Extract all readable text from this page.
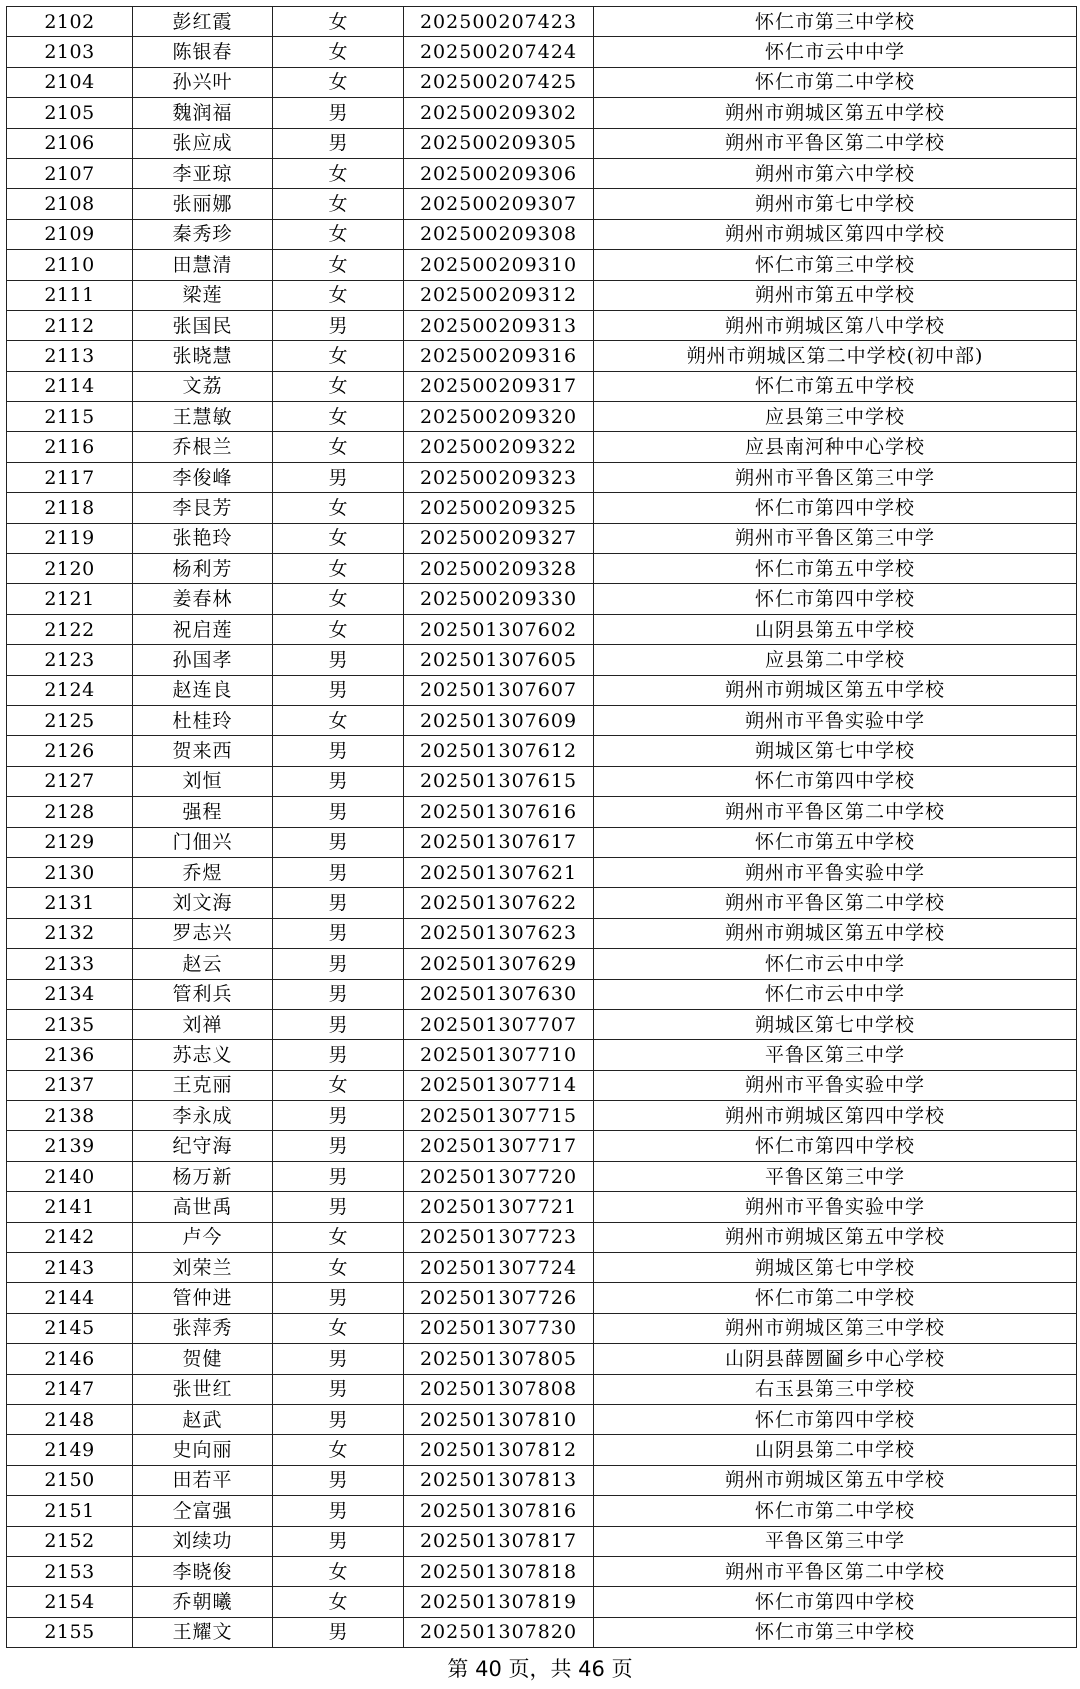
2102	彭红霞	女	202500207423	怀仁市第三中学校
2103	陈银春	女	202500207424	怀仁市云中中学
2104	孙兴叶	女	202500207425	怀仁市第二中学校
2105	魏润福	男	202500209302	朔州市朔城区第五中学校
2106	张应成	男	202500209305	朔州市平鲁区第二中学校
2107	李亚琼	女	202500209306	朔州市第六中学校
2108	张丽娜	女	202500209307	朔州市第七中学校
2109	秦秀珍	女	202500209308	朔州市朔城区第四中学校
2110	田慧清	女	202500209310	怀仁市第三中学校
2111	梁莲	女	202500209312	朔州市第五中学校
2112	张国民	男	202500209313	朔州市朔城区第八中学校
2113	张晓慧	女	202500209316	朔州市朔城区第二中学校(初中部)
2114	文荔	女	202500209317	怀仁市第五中学校
2115	王慧敏	女	202500209320	应县第三中学校
2116	乔根兰	女	202500209322	应县南河种中心学校
2117	李俊峰	男	202500209323	朔州市平鲁区第三中学
2118	李艮芳	女	202500209325	怀仁市第四中学校
2119	张艳玲	女	202500209327	朔州市平鲁区第三中学
2120	杨利芳	女	202500209328	怀仁市第五中学校
2121	姜春林	女	202500209330	怀仁市第四中学校
2122	祝启莲	女	202501307602	山阴县第五中学校
2123	孙国孝	男	202501307605	应县第二中学校
2124	赵连良	男	202501307607	朔州市朔城区第五中学校
2125	杜桂玲	女	202501307609	朔州市平鲁实验中学
2126	贺来西	男	202501307612	朔城区第七中学校
2127	刘恒	男	202501307615	怀仁市第四中学校
2128	强程	男	202501307616	朔州市平鲁区第二中学校
2129	门佃兴	男	202501307617	怀仁市第五中学校
2130	乔煜	男	202501307621	朔州市平鲁实验中学
2131	刘文海	男	202501307622	朔州市平鲁区第二中学校
2132	罗志兴	男	202501307623	朔州市朔城区第五中学校
2133	赵云	男	202501307629	怀仁市云中中学
2134	管利兵	男	202501307630	怀仁市云中中学
2135	刘禅	男	202501307707	朔城区第七中学校
2136	苏志义	男	202501307710	平鲁区第三中学
2137	王克丽	女	202501307714	朔州市平鲁实验中学
2138	李永成	男	202501307715	朔州市朔城区第四中学校
2139	纪守海	男	202501307717	怀仁市第四中学校
2140	杨万新	男	202501307720	平鲁区第三中学
2141	高世禹	男	202501307721	朔州市平鲁实验中学
2142	卢今	女	202501307723	朔州市朔城区第五中学校
2143	刘荣兰	女	202501307724	朔城区第七中学校
2144	管仲进	男	202501307726	怀仁市第二中学校
2145	张萍秀	女	202501307730	朔州市朔城区第三中学校
2146	贺健	男	202501307805	山阴县薛圐圙乡中心学校
2147	张世红	男	202501307808	右玉县第三中学校
2148	赵武	男	202501307810	怀仁市第四中学校
2149	史向丽	女	202501307812	山阴县第二中学校
2150	田若平	男	202501307813	朔州市朔城区第五中学校
2151	仝富强	男	202501307816	怀仁市第二中学校
2152	刘续功	男	202501307817	平鲁区第三中学
2153	李晓俊	女	202501307818	朔州市平鲁区第二中学校
2154	乔朝曦	女	202501307819	怀仁市第四中学校
2155	王耀文	男	202501307820	怀仁市第三中学校
第 40 页，共 46 页
